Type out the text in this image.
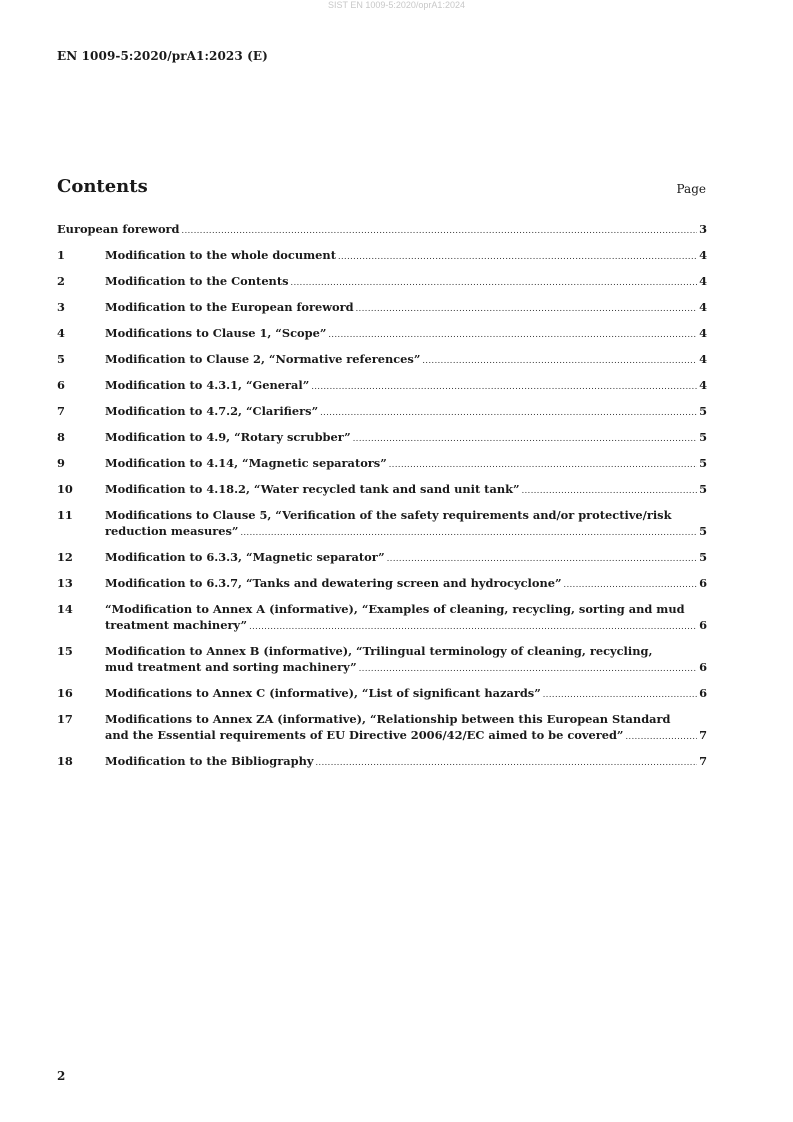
SIST EN 1009-5:2020/oprA1:2024
EN 1009-5:2020/prA1:2023 (E)
Contents	Page
European foreword .....	3
1	Modification to the whole document .....	4
2	Modification to the Contents .....	4
3	Modification to the European foreword .....	4
4	Modifications to Clause 1, “Scope” .....	4
5	Modification to Clause 2, “Normative references” .....	4
6	Modification to 4.3.1, “General” .....	4
7	Modification to 4.7.2, “Clarifiers” .....	5
8	Modification to 4.9, “Rotary scrubber” .....	5
9	Modification to 4.14, “Magnetic separators” .....	5
10	Modification to 4.18.2, “Water recycled tank and sand unit tank” .....	5
11	Modifications to Clause 5, “Verification of the safety requirements and/or protective/risk
reduction measures” .....	5
12	Modification to 6.3.3, “Magnetic separator” .....	5
13	Modification to 6.3.7, “Tanks and dewatering screen and hydrocyclone” .....	6
14	“Modification to Annex A (informative), “Examples of cleaning, recycling, sorting and mud
treatment machinery” .....	6
15	Modification to Annex B (informative), “Trilingual terminology of cleaning, recycling,
mud treatment and sorting machinery” .....	6
16	Modifications to Annex C (informative), “List of significant hazards” .....	6
17	Modifications to Annex ZA (informative), “Relationship between this European Standard
and the Essential requirements of EU Directive 2006/42/EC aimed to be covered” .....	7
18	Modification to the Bibliography .....	7
2
